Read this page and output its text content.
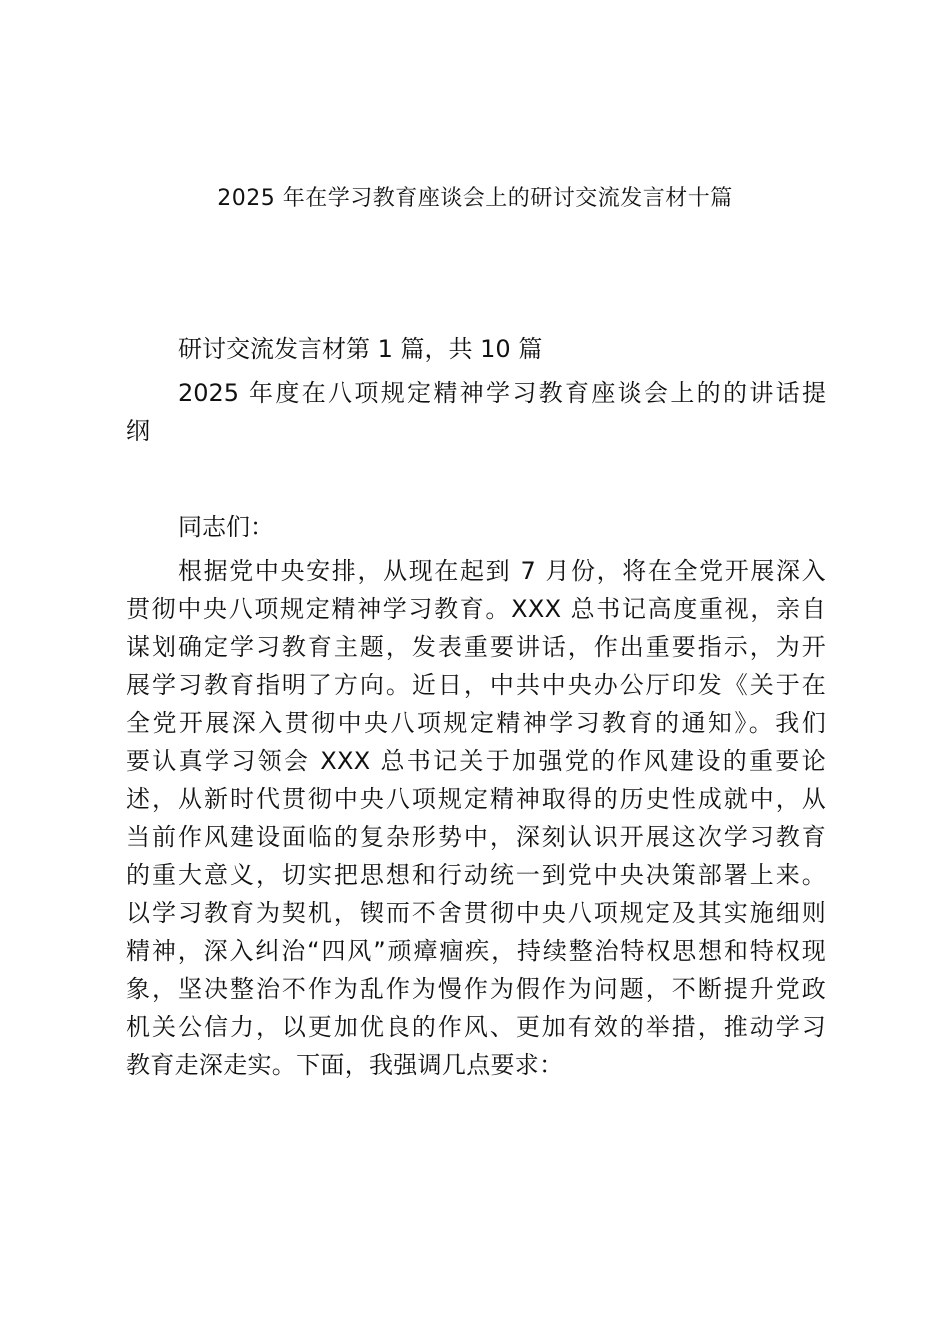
2025 年在学习教育座谈会上的研讨交流发言材十篇
研讨交流发言材第 1 篇，共 10 篇
2025 年度在八项规定精神学习教育座谈会上的的讲话提
纲
同志们：
根据党中央安排，从现在起到 7 月份，将在全党开展深入
贯彻中央八项规定精神学习教育。XXX 总书记高度重视，亲自
谋划确定学习教育主题，发表重要讲话，作出重要指示，为开
展学习教育指明了方向。近日，中共中央办公厅印发《关于在
全党开展深入贯彻中央八项规定精神学习教育的通知》。我们
要认真学习领会 XXX 总书记关于加强党的作风建设的重要论
述，从新时代贯彻中央八项规定精神取得的历史性成就中，从
当前作风建设面临的复杂形势中，深刻认识开展这次学习教育
的重大意义，切实把思想和行动统一到党中央决策部署上来。
以学习教育为契机，锲而不舍贯彻中央八项规定及其实施细则
精神，深入纠治“四风”顽瘴痼疾，持续整治特权思想和特权现
象，坚决整治不作为乱作为慢作为假作为问题，不断提升党政
机关公信力，以更加优良的作风、更加有效的举措，推动学习
教育走深走实。下面，我强调几点要求：
